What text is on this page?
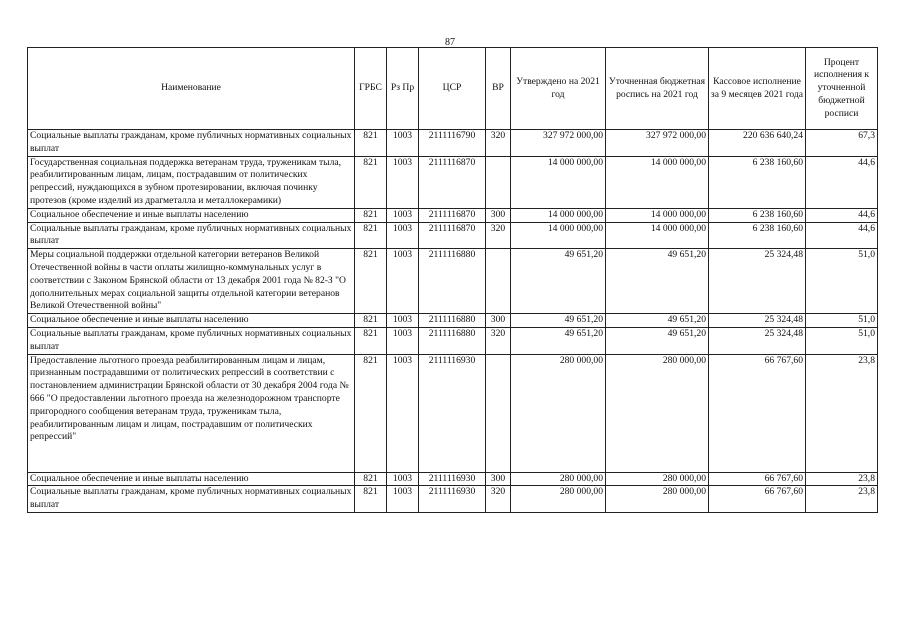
87
Наименование	ГРБС	Рз Пр	ЦСР	ВР	Утверждено на 2021 год	Уточненная бюджетная роспись на 2021 год	Кассовое исполнение за 9 месяцев 2021 года	Процент исполнения к уточненной бюджетной росписи
Социальные выплаты гражданам, кроме публичных нормативных социальных выплат	821	1003	2111116790	320	327 972 000,00	327 972 000,00	220 636 640,24	67,3
Государственная социальная поддержка ветеранам труда, труженикам тыла, реабилитированным лицам, лицам, пострадавшим от политических репрессий, нуждающихся в зубном протезировании, включая починку протезов (кроме изделий из драгметалла и металлокерамики)	821	1003	2111116870		14 000 000,00	14 000 000,00	6 238 160,60	44,6
Социальное обеспечение и иные выплаты населению	821	1003	2111116870	300	14 000 000,00	14 000 000,00	6 238 160,60	44,6
Социальные выплаты гражданам, кроме публичных нормативных социальных выплат	821	1003	2111116870	320	14 000 000,00	14 000 000,00	6 238 160,60	44,6
Меры социальной поддержки отдельной категории ветеранов Великой Отечественной войны в части оплаты жилищно-коммунальных услуг в соответствии с Законом Брянской области от 13 декабря 2001 года № 82-З "О дополнительных мерах социальной защиты отдельной категории ветеранов Великой Отечественной войны"	821	1003	2111116880		49 651,20	49 651,20	25 324,48	51,0
Социальное обеспечение и иные выплаты населению	821	1003	2111116880	300	49 651,20	49 651,20	25 324,48	51,0
Социальные выплаты гражданам, кроме публичных нормативных социальных выплат	821	1003	2111116880	320	49 651,20	49 651,20	25 324,48	51,0
Предоставление льготного проезда реабилитированным лицам и лицам, признанным пострадавшими от политических репрессий в соответствии с постановлением администрации Брянской области от 30 декабря 2004 года № 666 "О предоставлении льготного проезда на железнодорожном транспорте пригородного сообщения ветеранам труда, труженикам тыла, реабилитированным лицам и лицам, пострадавшим от политических репрессий"	821	1003	2111116930		280 000,00	280 000,00	66 767,60	23,8
Социальное обеспечение и иные выплаты населению	821	1003	2111116930	300	280 000,00	280 000,00	66 767,60	23,8
Социальные выплаты гражданам, кроме публичных нормативных социальных выплат	821	1003	2111116930	320	280 000,00	280 000,00	66 767,60	23,8
